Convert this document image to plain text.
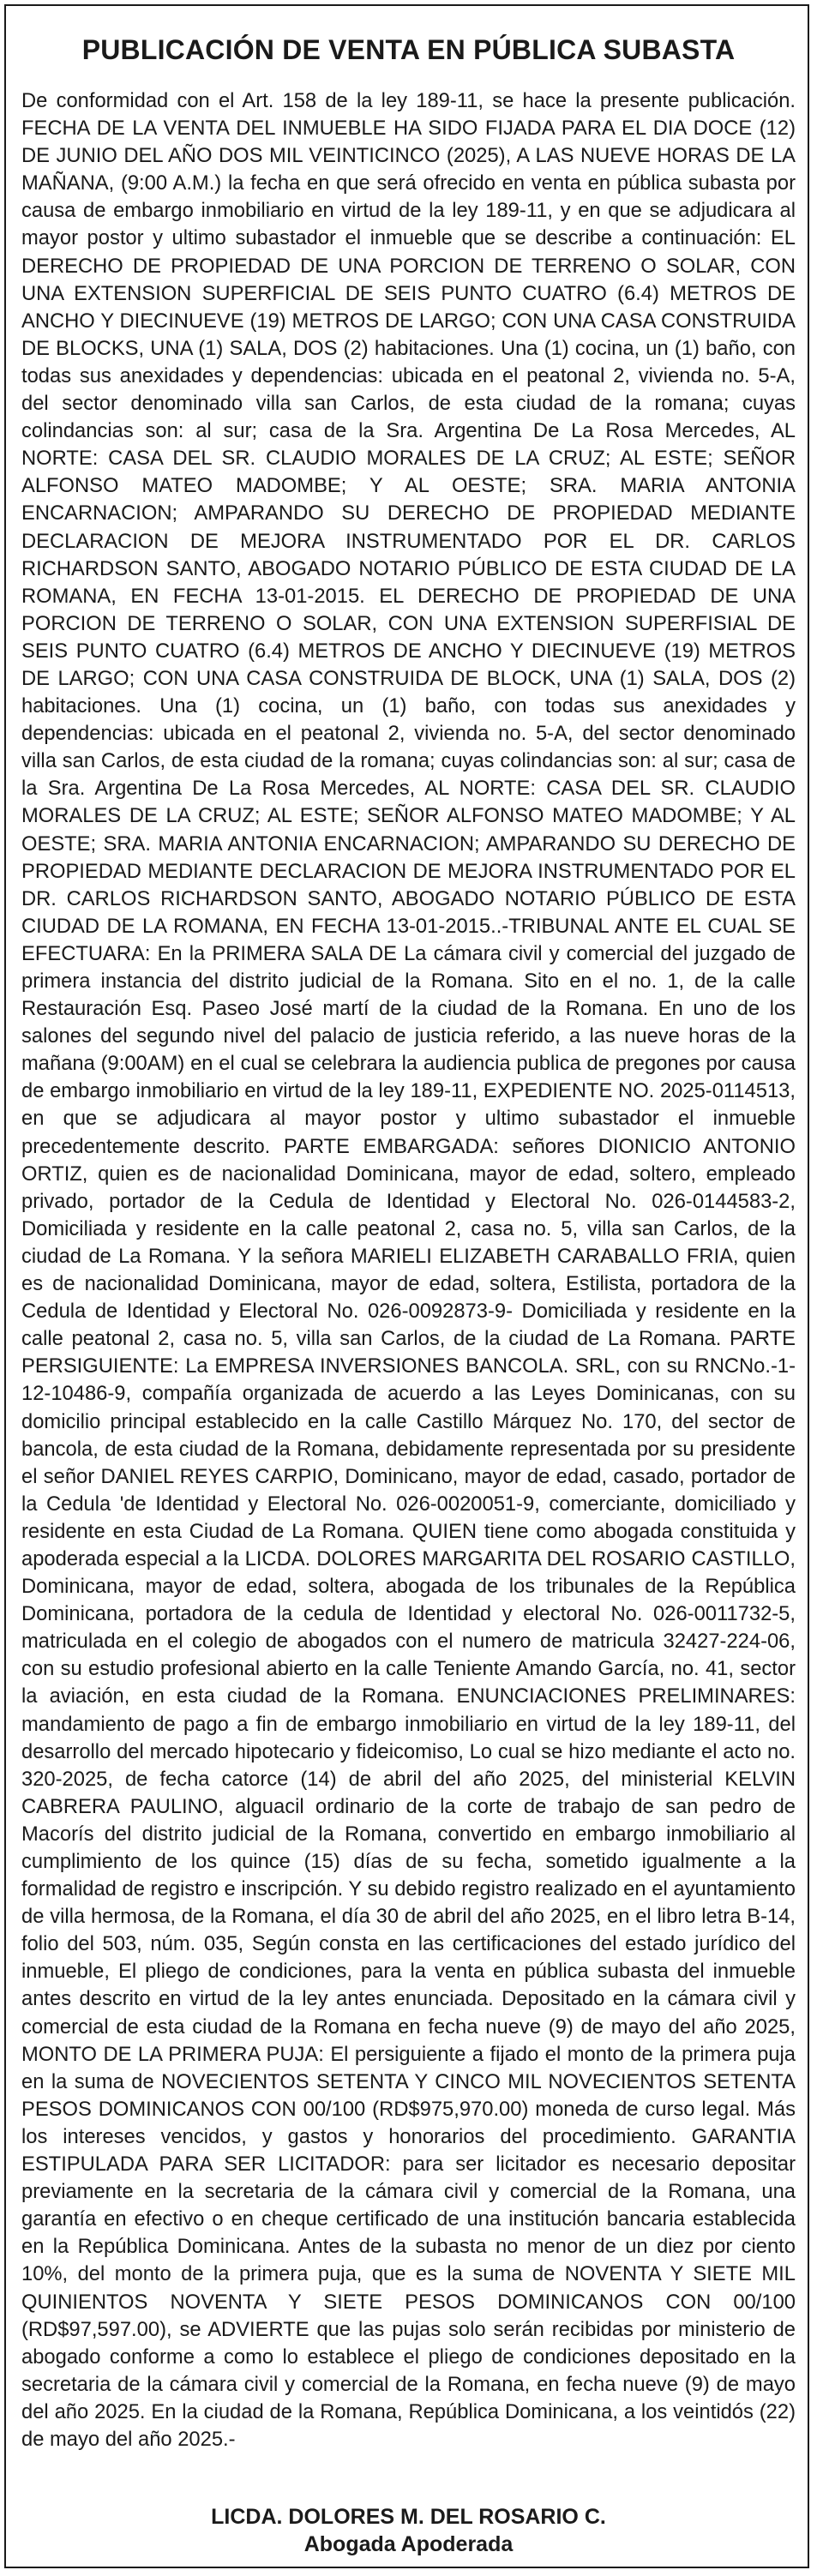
PUBLICACIÓN DE VENTA EN PÚBLICA SUBASTA

De conformidad con el Art. 158 de la ley 189-11, se hace la presente publicación. FECHA DE LA VENTA DEL INMUEBLE HA SIDO FIJADA PARA EL DIA DOCE (12) DE JUNIO DEL AÑO DOS MIL VEINTICINCO (2025), A LAS NUEVE HORAS DE LA MAÑANA, (9:00 A.M.) la fecha en que será ofrecido en venta en pública subasta por causa de embargo inmobiliario en virtud de la ley 189-11, y en que se adjudicara al mayor postor y ultimo subastador el inmueble que se describe a continuación: EL DERECHO DE PROPIEDAD DE UNA PORCION DE TERRENO O SOLAR, CON UNA EXTENSION SUPERFICIAL DE SEIS PUNTO CUATRO (6.4) METROS DE ANCHO Y DIECINUEVE (19) METROS DE LARGO; CON UNA CASA CONSTRUIDA DE BLOCKS, UNA (1) SALA, DOS (2) habitaciones. Una (1) cocina, un (1) baño, con todas sus anexidades y dependencias: ubicada en el peatonal 2, vivienda no. 5-A, del sector denominado villa san Carlos, de esta ciudad de la romana; cuyas colindancias son: al sur; casa de la Sra. Argentina De La Rosa Mercedes, AL NORTE: CASA DEL SR. CLAUDIO MORALES DE LA CRUZ; AL ESTE; SEÑOR ALFONSO MATEO MADOMBE; Y AL OESTE; SRA. MARIA ANTONIA ENCARNACION; AMPARANDO SU DERECHO DE PROPIEDAD MEDIANTE DECLARACION DE MEJORA INSTRUMENTADO POR EL DR. CARLOS RICHARDSON SANTO, ABOGADO NOTARIO PÚBLICO DE ESTA CIUDAD DE LA ROMANA, EN FECHA 13-01-2015. EL DERECHO DE PROPIEDAD DE UNA PORCION DE TERRENO O SOLAR, CON UNA EXTENSION SUPERFISIAL DE SEIS PUNTO CUATRO (6.4) METROS DE ANCHO Y DIECINUEVE (19) METROS DE LARGO; CON UNA CASA CONSTRUIDA DE BLOCK, UNA (1) SALA, DOS (2) habitaciones. Una (1) cocina, un (1) baño, con todas sus anexidades y dependencias: ubicada en el peatonal 2, vivienda no. 5-A, del sector denominado villa san Carlos, de esta ciudad de la romana; cuyas colindancias son: al sur; casa de la Sra. Argentina De La Rosa Mercedes, AL NORTE: CASA DEL SR. CLAUDIO MORALES DE LA CRUZ; AL ESTE; SEÑOR ALFONSO MATEO MADOMBE; Y AL OESTE; SRA. MARIA ANTONIA ENCARNACION; AMPARANDO SU DERECHO DE PROPIEDAD MEDIANTE DECLARACION DE MEJORA INSTRUMENTADO POR EL DR. CARLOS RICHARDSON SANTO, ABOGADO NOTARIO PÚBLICO DE ESTA CIUDAD DE LA ROMANA, EN FECHA 13-01-2015..-TRIBUNAL ANTE EL CUAL SE EFECTUARA: En la PRIMERA SALA DE La cámara civil y comercial del juzgado de primera instancia del distrito judicial de la Romana. Sito en el no. 1, de la calle Restauración Esq. Paseo José martí de la ciudad de la Romana. En uno de los salones del segundo nivel del palacio de justicia referido, a las nueve horas de la mañana (9:00AM) en el cual se celebrara la audiencia publica de pregones por causa de embargo inmobiliario en virtud de la ley 189-11, EXPEDIENTE NO. 2025-0114513, en que se adjudicara al mayor postor y ultimo subastador el inmueble precedentemente descrito. PARTE EMBARGADA: señores DIONICIO ANTONIO ORTIZ, quien es de nacionalidad Dominicana, mayor de edad, soltero, empleado privado, portador de la Cedula de Identidad y Electoral No. 026-0144583-2, Domiciliada y residente en la calle peatonal 2, casa no. 5, villa san Carlos, de la ciudad de La Romana. Y la señora MARIELI ELIZABETH CARABALLO FRIA, quien es de nacionalidad Dominicana, mayor de edad, soltera, Estilista, portadora de la Cedula de Identidad y Electoral No. 026-0092873-9- Domiciliada y residente en la calle peatonal 2, casa no. 5, villa san Carlos, de la ciudad de La Romana. PARTE PERSIGUIENTE: La EMPRESA INVERSIONES BANCOLA. SRL, con su RNCNo.-1-12-10486-9, compañía organizada de acuerdo a las Leyes Dominicanas, con su domicilio principal establecido en la calle Castillo Márquez No. 170, del sector de bancola, de esta ciudad de la Romana, debidamente representada por su presidente el señor DANIEL REYES CARPIO, Dominicano, mayor de edad, casado, portador de la Cedula 'de Identidad y Electoral No. 026-0020051-9, comerciante, domiciliado y residente en esta Ciudad de La Romana. QUIEN tiene como abogada constituida y apoderada especial a la LICDA. DOLORES MARGARITA DEL ROSARIO CASTILLO, Dominicana, mayor de edad, soltera, abogada de los tribunales de la República Dominicana, portadora de la cedula de Identidad y electoral No. 026-0011732-5, matriculada en el colegio de abogados con el numero de matricula 32427-224-06, con su estudio profesional abierto en la calle Teniente Amando García, no. 41, sector la aviación, en esta ciudad de la Romana. ENUNCIACIONES PRELIMINARES: mandamiento de pago a fin de embargo inmobiliario en virtud de la ley 189-11, del desarrollo del mercado hipotecario y fideicomiso, Lo cual se hizo mediante el acto no. 320-2025, de fecha catorce (14) de abril del año 2025, del ministerial KELVIN CABRERA PAULINO, alguacil ordinario de la corte de trabajo de san pedro de Macorís del distrito judicial de la Romana, convertido en embargo inmobiliario al cumplimiento de los quince (15) días de su fecha, sometido igualmente a la formalidad de registro e inscripción. Y su debido registro realizado en el ayuntamiento de villa hermosa, de la Romana, el día 30 de abril del año 2025, en el libro letra B-14, folio del 503, núm. 035, Según consta en las certificaciones del estado jurídico del inmueble, El pliego de condiciones, para la venta en pública subasta del inmueble antes descrito en virtud de la ley antes enunciada. Depositado en la cámara civil y comercial de esta ciudad de la Romana en fecha nueve (9) de mayo del año 2025, MONTO DE LA PRIMERA PUJA: El persiguiente a fijado el monto de la primera puja en la suma de NOVECIENTOS SETENTA Y CINCO MIL NOVECIENTOS SETENTA PESOS DOMINICANOS CON 00/100 (RD$975,970.00) moneda de curso legal. Más los intereses vencidos, y gastos y honorarios del procedimiento. GARANTIA ESTIPULADA PARA SER LICITADOR: para ser licitador es necesario depositar previamente en la secretaria de la cámara civil y comercial de la Romana, una garantía en efectivo o en cheque certificado de una institución bancaria establecida en la República Dominicana. Antes de la subasta no menor de un diez por ciento 10%, del monto de la primera puja, que es la suma de NOVENTA Y SIETE MIL QUINIENTOS NOVENTA Y SIETE PESOS DOMINICANOS CON 00/100 (RD$97,597.00), se ADVIERTE que las pujas solo serán recibidas por ministerio de abogado conforme a como lo establece el pliego de condiciones depositado en la secretaria de la cámara civil y comercial de la Romana, en fecha nueve (9) de mayo del año 2025. En la ciudad de la Romana, República Dominicana, a los veintidós (22) de mayo del año 2025.-

LICDA. DOLORES M. DEL ROSARIO C.
Abogada Apoderada
